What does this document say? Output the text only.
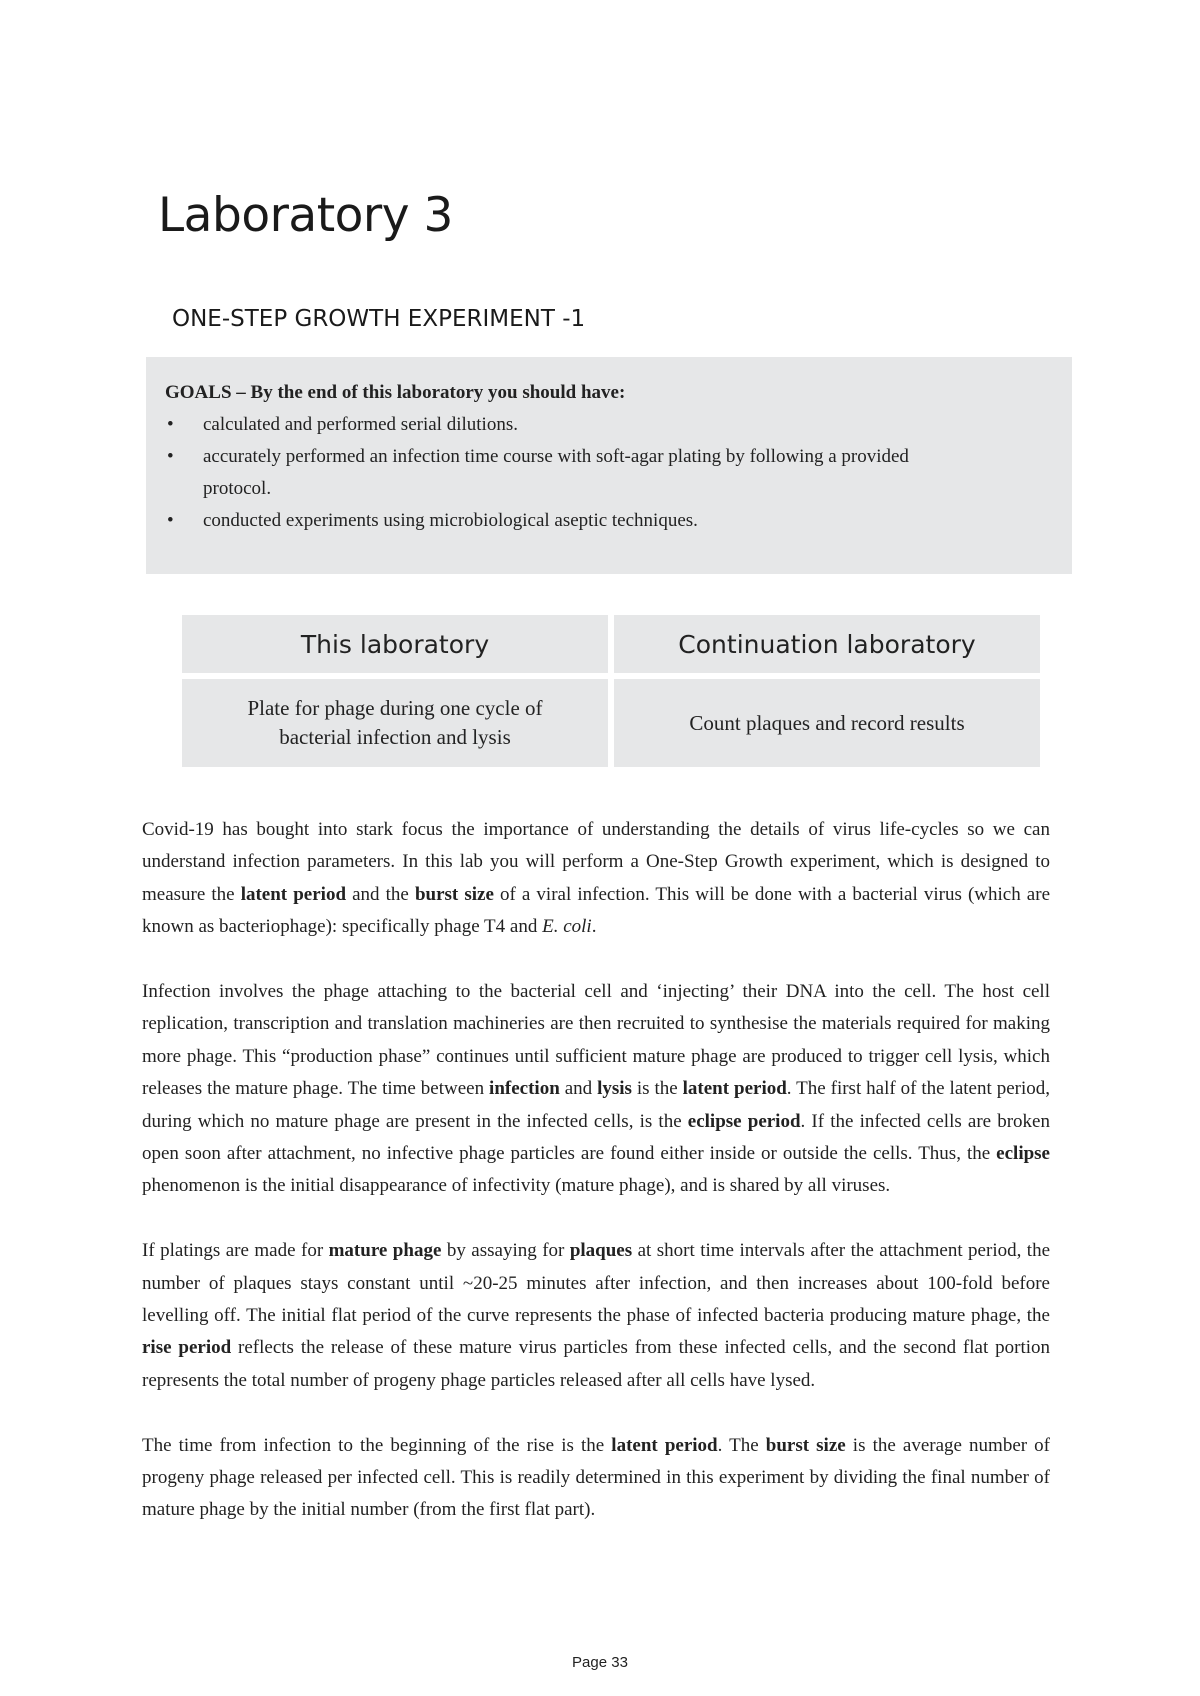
Laboratory 3
ONE-STEP GROWTH EXPERIMENT -1

GOALS – By the end of this laboratory you should have:

• calculated and performed serial dilutions.
• accurately performed an infection time course with soft-agar plating by following a provided protocol.
• conducted experiments using microbiological aseptic techniques.
This laboratory	Continuation laboratory
Plate for phage during one cycle of bacterial infection and lysis	Count plaques and record results

Covid-19 has bought into stark focus the importance of understanding the details of virus life-cycles so we can understand infection parameters. In this lab you will perform a One-Step Growth experiment, which is designed to measure the latent period and the burst size of a viral infection. This will be done with a bacterial virus (which are known as bacteriophage): specifically phage T4 and E. coli.

Infection involves the phage attaching to the bacterial cell and ‘injecting’ their DNA into the cell. The host cell replication, transcription and translation machineries are then recruited to synthesise the materials required for making more phage. This “production phase” continues until sufficient mature phage are produced to trigger cell lysis, which releases the mature phage. The time between infection and lysis is the latent period. The first half of the latent period, during which no mature phage are present in the infected cells, is the eclipse period. If the infected cells are broken open soon after attachment, no infective phage particles are found either inside or outside the cells. Thus, the eclipse phenomenon is the initial disappearance of infectivity (mature phage), and is shared by all viruses.

If platings are made for mature phage by assaying for plaques at short time intervals after the attachment period, the number of plaques stays constant until ~20-25 minutes after infection, and then increases about 100-fold before levelling off. The initial flat period of the curve represents the phase of infected bacteria producing mature phage, the rise period reflects the release of these mature virus particles from these infected cells, and the second flat portion represents the total number of progeny phage particles released after all cells have lysed.

The time from infection to the beginning of the rise is the latent period. The burst size is the average number of progeny phage released per infected cell. This is readily determined in this experiment by dividing the final number of mature phage by the initial number (from the first flat part).

Page 33
